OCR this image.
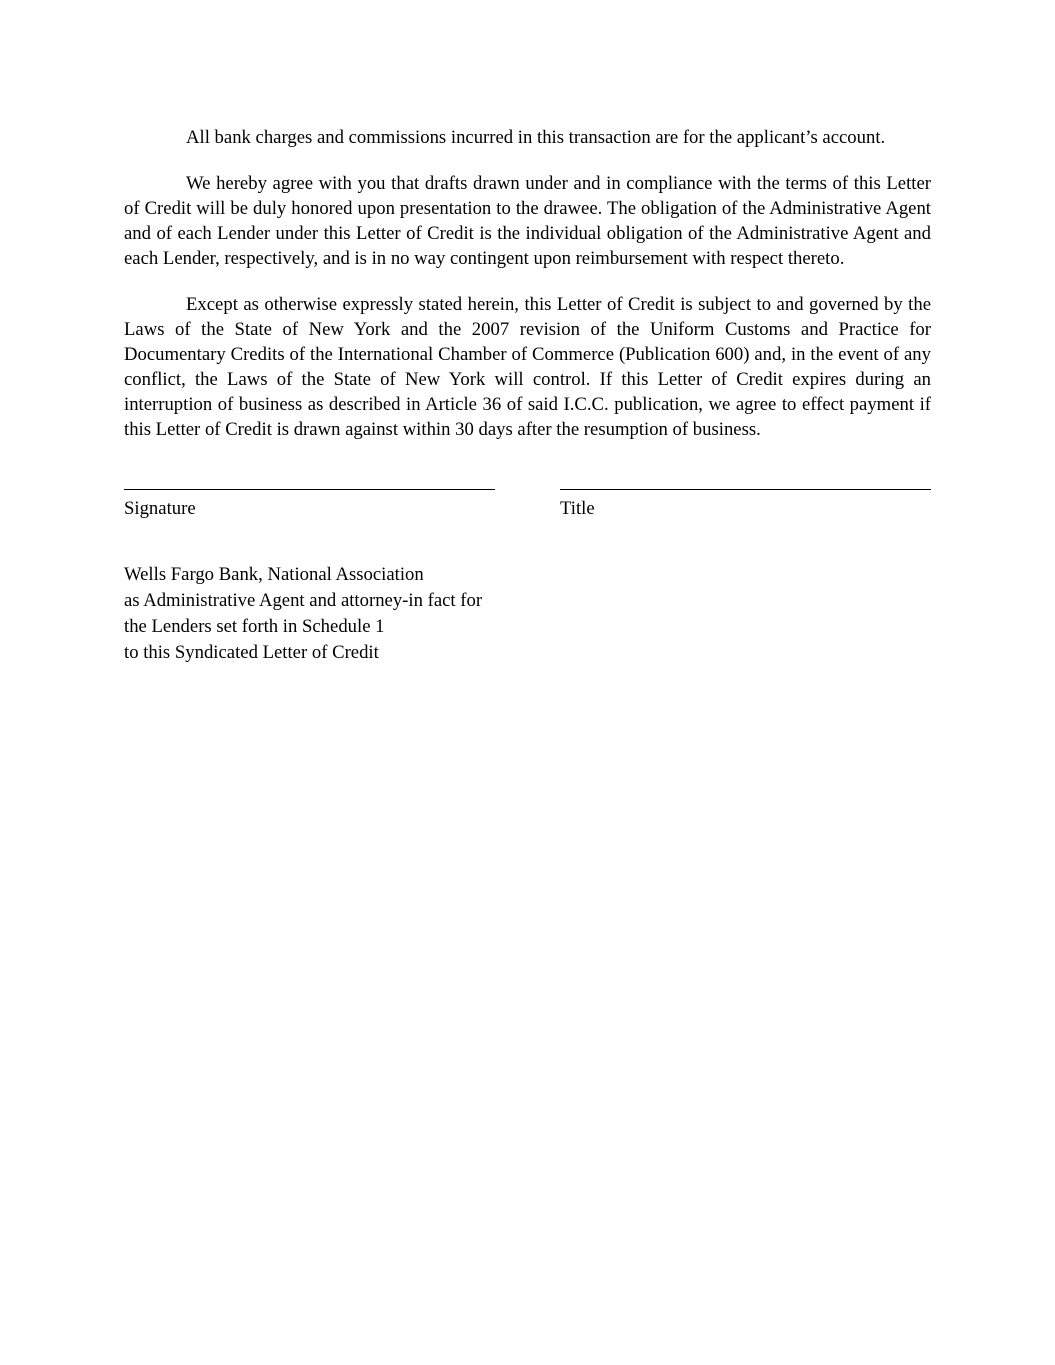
All bank charges and commissions incurred in this transaction are for the applicant’s account.

We hereby agree with you that drafts drawn under and in compliance with the terms of this Letter of Credit will be duly honored upon presentation to the drawee. The obligation of the Administrative Agent and of each Lender under this Letter of Credit is the individual obligation of the Administrative Agent and each Lender, respectively, and is in no way contingent upon reimbursement with respect thereto.

Except as otherwise expressly stated herein, this Letter of Credit is subject to and governed by the Laws of the State of New York and the 2007 revision of the Uniform Customs and Practice for Documentary Credits of the International Chamber of Commerce (Publication 600) and, in the event of any conflict, the Laws of the State of New York will control. If this Letter of Credit expires during an interruption of business as described in Article 36 of said I.C.C. publication, we agree to effect payment if this Letter of Credit is drawn against within 30 days after the resumption of business.

Signature	Title
Wells Fargo Bank, National Association
as Administrative Agent and attorney-in fact for
the Lenders set forth in Schedule 1
to this Syndicated Letter of Credit
